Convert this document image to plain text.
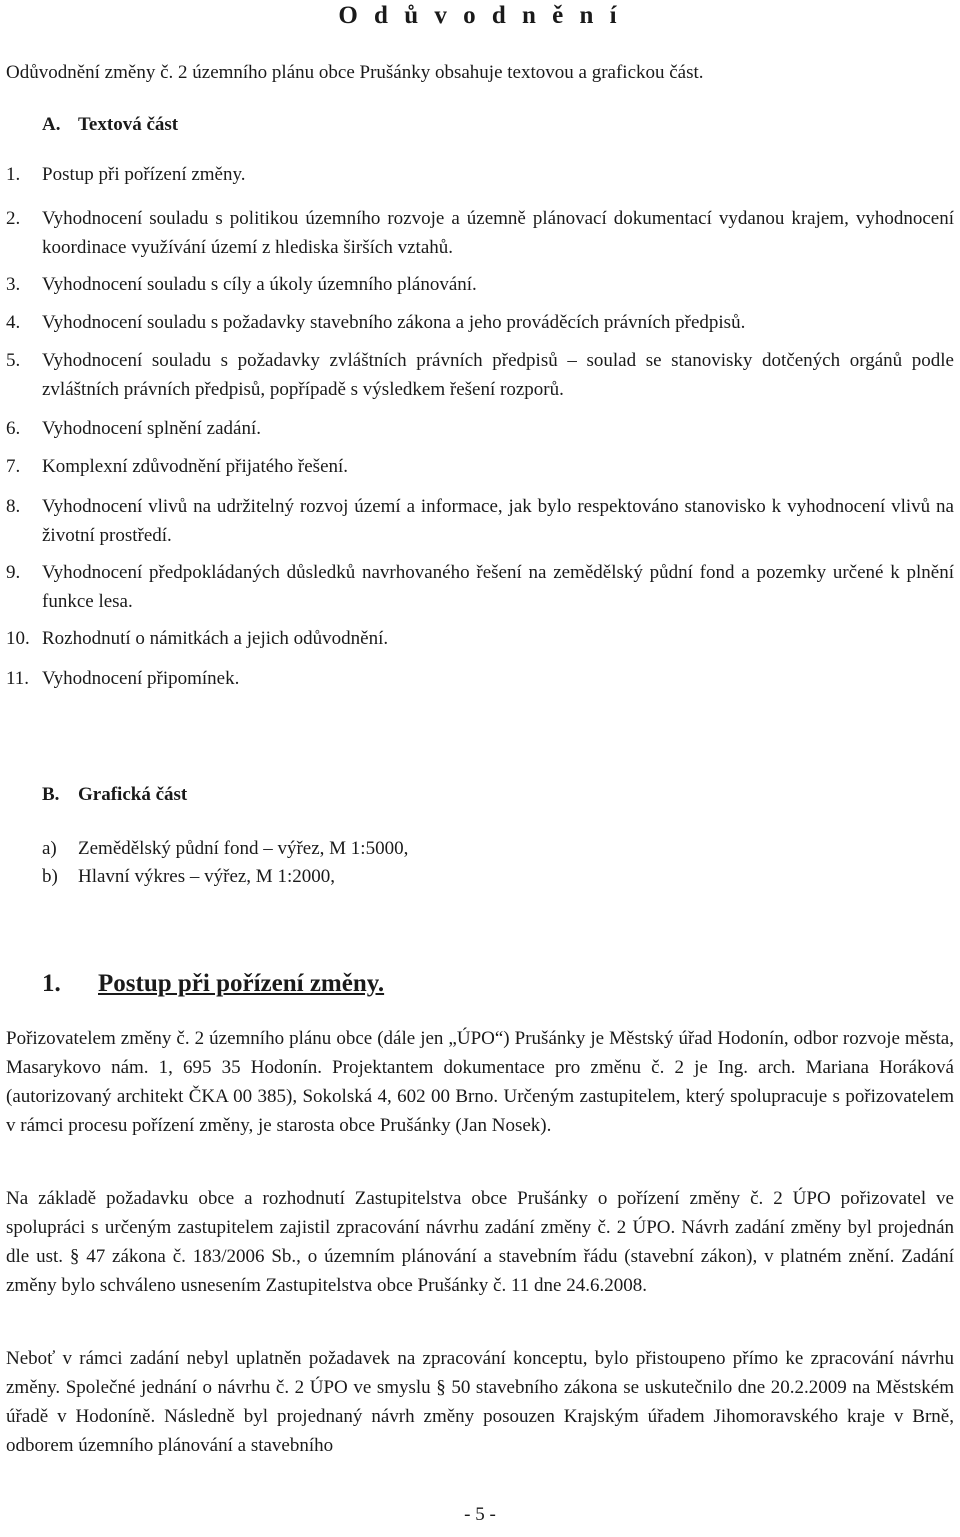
O d ů v o d n ě n í
Odůvodnění změny č. 2 územního plánu obce Prušánky obsahuje textovou a grafickou část.
A. Textová část
1.	Postup při pořízení změny.
2.	Vyhodnocení souladu s politikou územního rozvoje a územně plánovací dokumentací vydanou krajem, vyhodnocení koordinace využívání území z hlediska širších vztahů.
3.	Vyhodnocení souladu s cíly a úkoly územního plánování.
4.	Vyhodnocení souladu s požadavky stavebního zákona a jeho prováděcích právních předpisů.
5.	Vyhodnocení souladu s požadavky zvláštních právních předpisů – soulad se stanovisky dotčených orgánů podle zvláštních právních předpisů, popřípadě s výsledkem řešení rozporů.
6.	Vyhodnocení splnění zadání.
7.	Komplexní zdůvodnění přijatého řešení.
8.	Vyhodnocení vlivů na udržitelný rozvoj území a informace, jak bylo respektováno stanovisko k vyhodnocení vlivů na životní prostředí.
9.	Vyhodnocení předpokládaných důsledků navrhovaného řešení na zemědělský půdní fond a pozemky určené k plnění funkce lesa.
10. Rozhodnutí o námitkách a jejich odůvodnění.
11. Vyhodnocení připomínek.
B. Grafická část
a) Zemědělský půdní fond – výřez, M 1:5000,
b) Hlavní výkres – výřez, M 1:2000,
1. Postup při pořízení změny.
Pořizovatelem změny č. 2 územního plánu obce (dále jen „ÚPO“) Prušánky je Městský úřad Hodonín, odbor rozvoje města, Masarykovo nám. 1, 695 35 Hodonín. Projektantem dokumentace pro změnu č. 2 je Ing. arch. Mariana Horáková (autorizovaný architekt ČKA 00 385), Sokolská 4, 602 00 Brno. Určeným zastupitelem, který spolupracuje s pořizovatelem v rámci procesu pořízení změny, je starosta obce Prušánky (Jan Nosek).
Na základě požadavku obce a rozhodnutí Zastupitelstva obce Prušánky o pořízení změny č. 2 ÚPO pořizovatel ve spolupráci s určeným zastupitelem zajistil zpracování návrhu zadání změny č. 2 ÚPO. Návrh zadání změny byl projednán dle ust. § 47 zákona č. 183/2006 Sb., o územním plánování a stavebním řádu (stavební zákon), v platném znění. Zadání změny bylo schváleno usnesením Zastupitelstva obce Prušánky č. 11 dne 24.6.2008.
Neboť v rámci zadání nebyl uplatněn požadavek na zpracování konceptu, bylo přistoupeno přímo ke zpracování návrhu změny. Společné jednání o návrhu č. 2 ÚPO ve smyslu § 50 stavebního zákona se uskutečnilo dne 20.2.2009 na Městském úřadě v Hodoníně. Následně byl projednaný návrh změny posouzen Krajským úřadem Jihomoravského kraje v Brně, odborem územního plánování a stavebního
- 5 -
